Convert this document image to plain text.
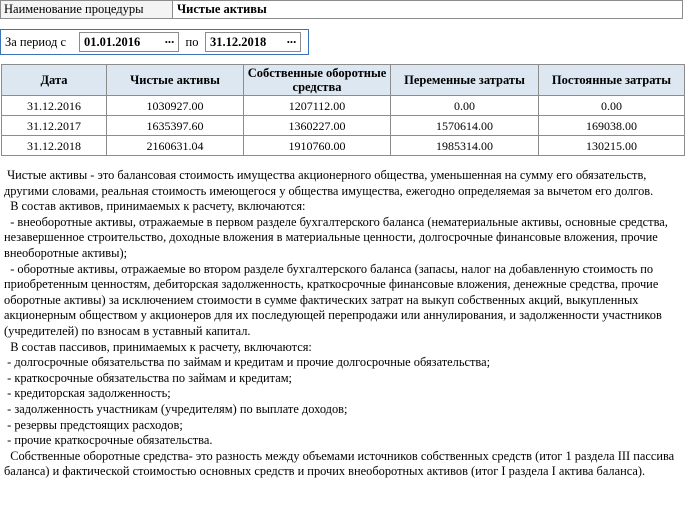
Наименование процедуры	Чистые активы
За период с	01.01.2016	··· по 31.12.2018	···
Дата	Чистые активы	Собственные оборотные средства	Переменные затраты	Постоянные затраты
31.12.2016	1030927.00	1207112.00	0.00	0.00
31.12.2017	1635397.60	1360227.00	1570614.00	169038.00
31.12.2018	2160631.04	1910760.00	1985314.00	130215.00

Чистые активы - это балансовая стоимость имущества акционерного общества, уменьшенная на сумму его обязательств, другими словами, реальная стоимость имеющегося у общества имущества, ежегодно определяемая за вычетом его долгов.

В состав активов, принимаемых к расчету, включаются:

- внеоборотные активы, отражаемые в первом разделе бухгалтерского баланса (нематериальные активы, основные средства, незавершенное строительство, доходные вложения в материальные ценности, долгосрочные финансовые вложения, прочие внеоборотные активы);

- оборотные активы, отражаемые во втором разделе бухгалтерского баланса (запасы, налог на добавленную стоимость по приобретенным ценностям, дебиторская задолженность, краткосрочные финансовые вложения, денежные средства, прочие оборотные активы) за исключением стоимости в сумме фактических затрат на выкуп собственных акций, выкупленных акционерным обществом у акционеров для их последующей перепродажи или аннулирования, и задолженности участников (учредителей) по взносам в уставный капитал.

В состав пассивов, принимаемых к расчету, включаются:

- долгосрочные обязательства по займам и кредитам и прочие долгосрочные обязательства;

- краткосрочные обязательства по займам и кредитам;

- кредиторская задолженность;

- задолженность участникам (учредителям) по выплате доходов;

- резервы предстоящих расходов;

- прочие краткосрочные обязательства.

Собственные оборотные средства- это разность между объемами источников собственных средств (итог 1 раздела III пассива баланса) и фактической стоимостью основных средств и прочих внеоборотных активов (итог I раздела I актива баланса).
